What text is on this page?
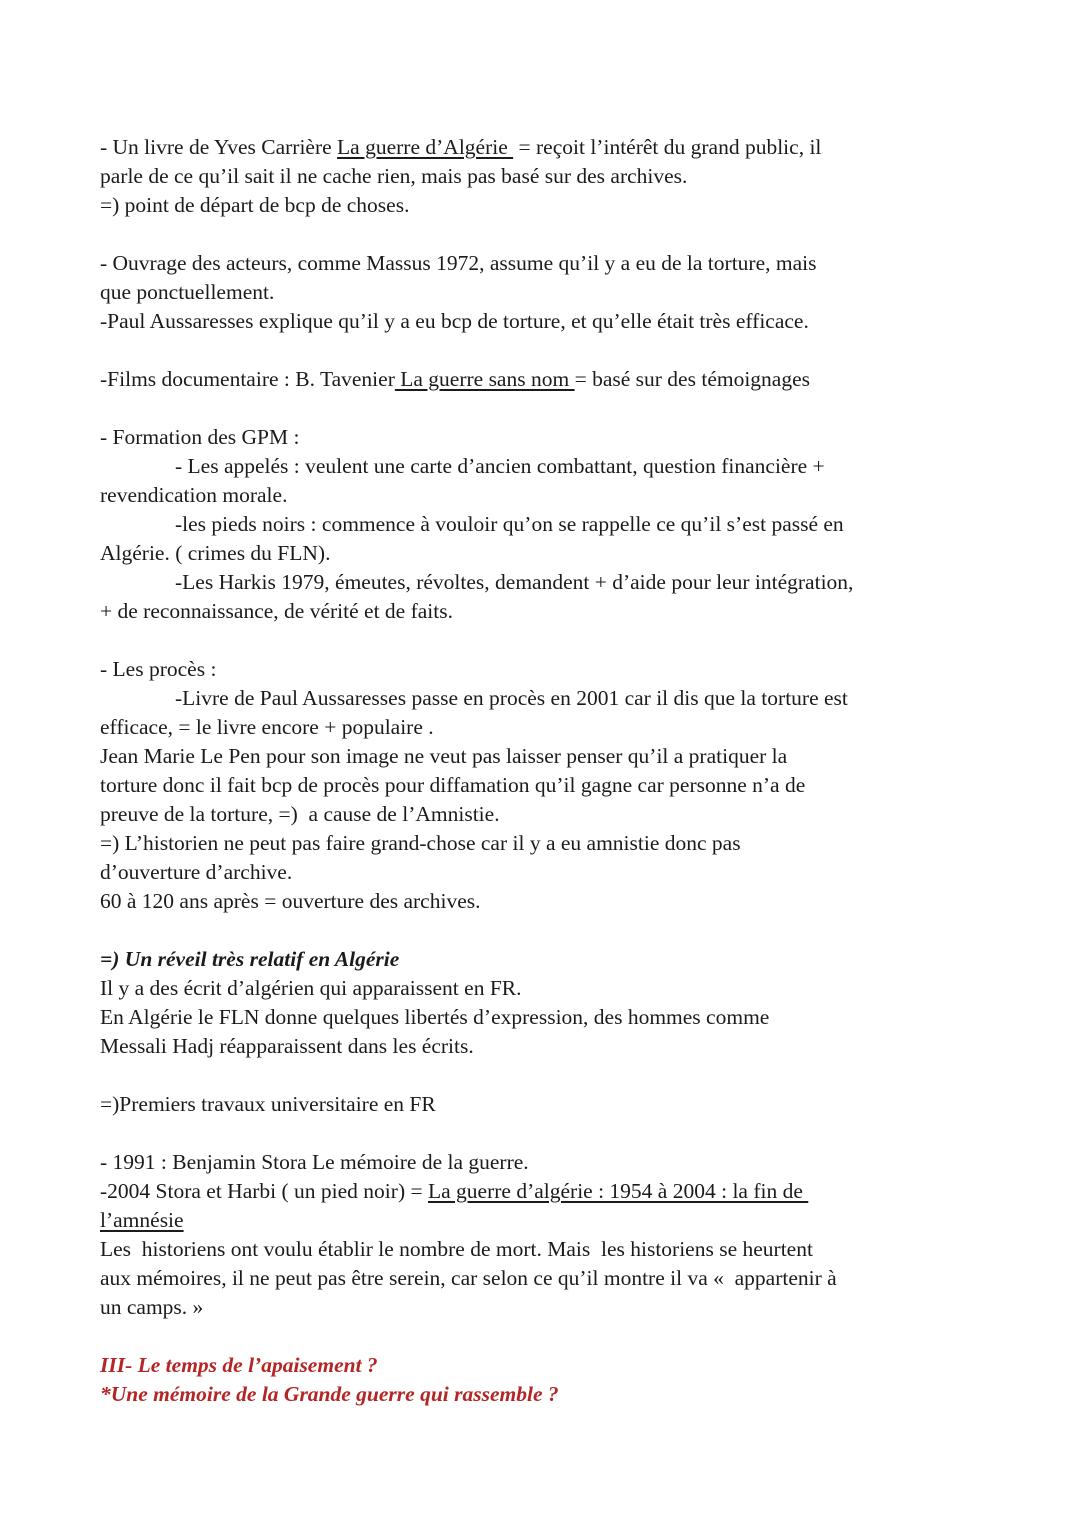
- Un livre de Yves Carrière La guerre d’Algérie  = reçoit l’intérêt du grand public, il
parle de ce qu’il sait il ne cache rien, mais pas basé sur des archives.
=) point de départ de bcp de choses.
- Ouvrage des acteurs, comme Massus 1972, assume qu’il y a eu de la torture, mais
que ponctuellement.
-Paul Aussaresses explique qu’il y a eu bcp de torture, et qu’elle était très efficace.
-Films documentaire : B. Tavenier La guerre sans nom = basé sur des témoignages
- Formation des GPM :
- Les appelés : veulent une carte d’ancien combattant, question financière +
revendication morale.
-les pieds noirs : commence à vouloir qu’on se rappelle ce qu’il s’est passé en
Algérie. ( crimes du FLN).
-Les Harkis 1979, émeutes, révoltes, demandent + d’aide pour leur intégration,
+ de reconnaissance, de vérité et de faits.
- Les procès :
-Livre de Paul Aussaresses passe en procès en 2001 car il dis que la torture est
efficace, = le livre encore + populaire .
Jean Marie Le Pen pour son image ne veut pas laisser penser qu’il a pratiquer la
torture donc il fait bcp de procès pour diffamation qu’il gagne car personne n’a de
preuve de la torture, =)  a cause de l’Amnistie.
=) L’historien ne peut pas faire grand-chose car il y a eu amnistie donc pas
d’ouverture d’archive.
60 à 120 ans après = ouverture des archives.
=) Un réveil très relatif en Algérie
Il y a des écrit d’algérien qui apparaissent en FR.
En Algérie le FLN donne quelques libertés d’expression, des hommes comme
Messali Hadj réapparaissent dans les écrits.
=)Premiers travaux universitaire en FR
- 1991 : Benjamin Stora Le mémoire de la guerre.
-2004 Stora et Harbi ( un pied noir) = La guerre d’algérie : 1954 à 2004 : la fin de
l’amnésie
Les  historiens ont voulu établir le nombre de mort. Mais  les historiens se heurtent
aux mémoires, il ne peut pas être serein, car selon ce qu’il montre il va «  appartenir à
un camps. »
III- Le temps de l’apaisement ?
*Une mémoire de la Grande guerre qui rassemble ?
